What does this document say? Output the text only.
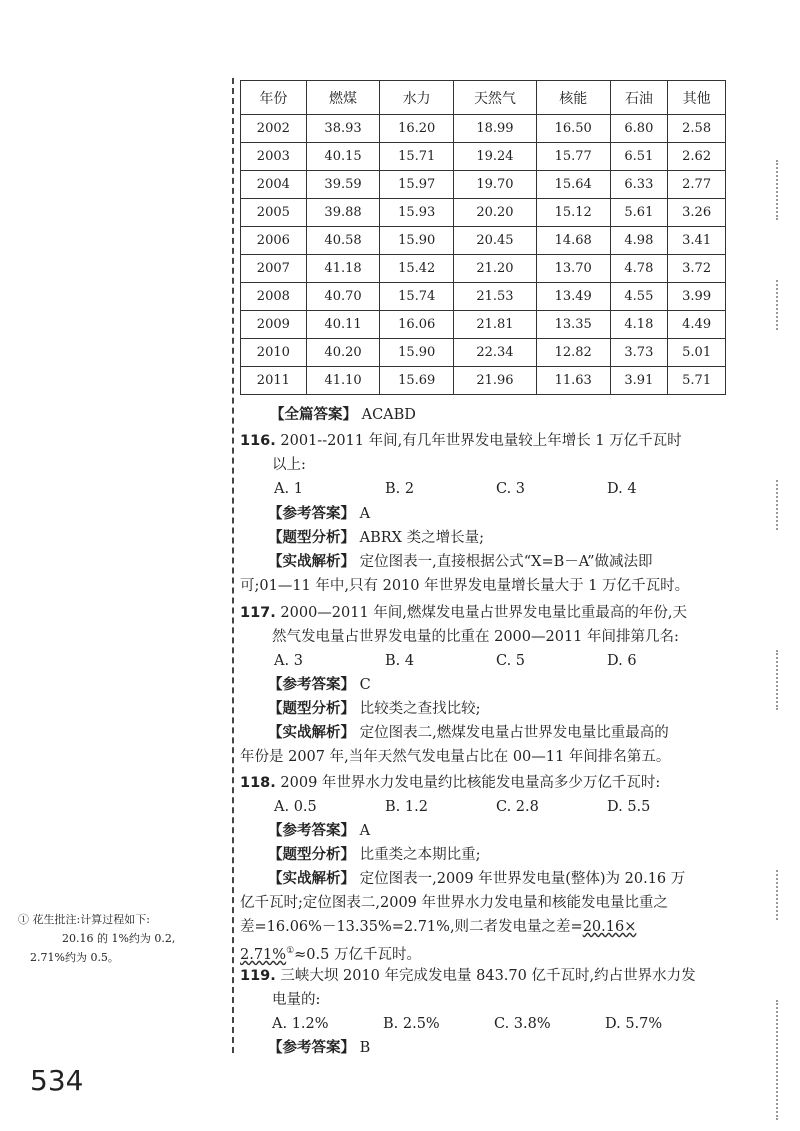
年份	燃煤	水力	天然气	核能	石油	其他
2002	38.93	16.20	18.99	16.50	6.80	2.58
2003	40.15	15.71	19.24	15.77	6.51	2.62
2004	39.59	15.97	19.70	15.64	6.33	2.77
2005	39.88	15.93	20.20	15.12	5.61	3.26
2006	40.58	15.90	20.45	14.68	4.98	3.41
2007	41.18	15.42	21.20	13.70	4.78	3.72
2008	40.70	15.74	21.53	13.49	4.55	3.99
2009	40.11	16.06	21.81	13.35	4.18	4.49
2010	40.20	15.90	22.34	12.82	3.73	5.01
2011	41.10	15.69	21.96	11.63	3.91	5.71
【全篇答案】 ACABD
116. 2001--2011 年间,有几年世界发电量较上年增长 1 万亿千瓦时
以上:
A. 1	B. 2	C. 3	D. 4
【参考答案】 A
【题型分析】 ABRX 类之增长量;
【实战解析】 定位图表一,直接根据公式“X=B－A”做减法即
可;01—11 年中,只有 2010 年世界发电量增长量大于 1 万亿千瓦时。
117. 2000—2011 年间,燃煤发电量占世界发电量比重最高的年份,天
然气发电量占世界发电量的比重在 2000—2011 年间排第几名:
A. 3	B. 4	C. 5	D. 6
【参考答案】 C
【题型分析】 比较类之查找比较;
【实战解析】 定位图表二,燃煤发电量占世界发电量比重最高的
年份是 2007 年,当年天然气发电量占比在 00—11 年间排名第五。
118. 2009 年世界水力发电量约比核能发电量高多少万亿千瓦时:
A. 0.5	B. 1.2	C. 2.8	D. 5.5
【参考答案】 A
【题型分析】 比重类之本期比重;
【实战解析】 定位图表一,2009 年世界发电量(整体)为 20.16 万
亿千瓦时;定位图表二,2009 年世界水力发电量和核能发电量比重之
差=16.06%－13.35%=2.71%,则二者发电量之差=20.16×
2.71%①≈0.5 万亿千瓦时。
119. 三峡大坝 2010 年完成发电量 843.70 亿千瓦时,约占世界水力发
电量的:
A. 1.2%	B. 2.5%	C. 3.8%	D. 5.7%
【参考答案】 B
① 花生批注:计算过程如下:
20.16 的 1%约为 0.2,
2.71%约为 0.5。
534
